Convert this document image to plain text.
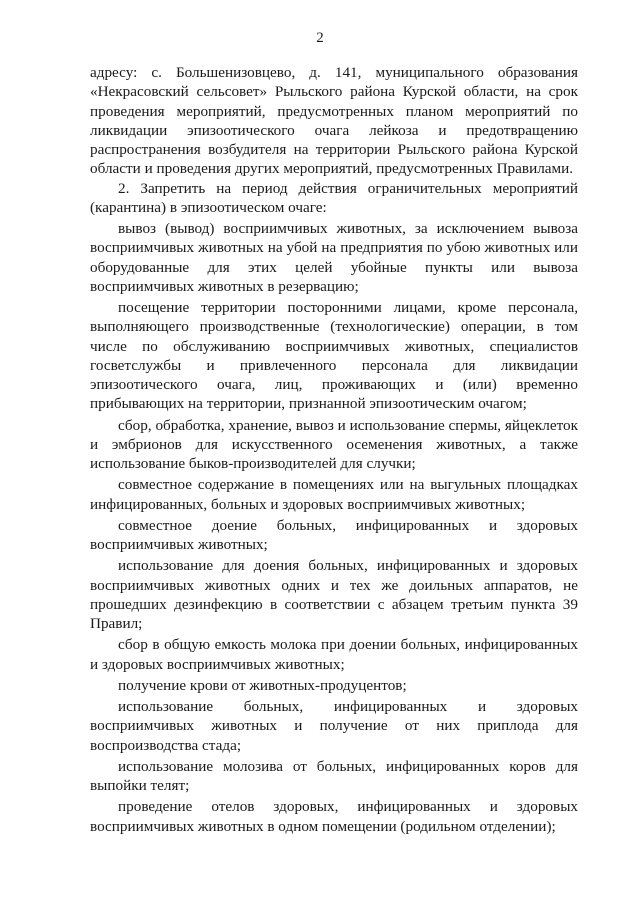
2

адресу: с. Большенизовцево, д. 141, муниципального образования «Некрасовский сельсовет» Рыльского района Курской области, на срок проведения мероприятий, предусмотренных планом мероприятий по ликвидации эпизоотического очага лейкоза и предотвращению распространения возбудителя на территории Рыльского района Курской области и проведения других мероприятий, предусмотренных Правилами.

2. Запретить на период действия ограничительных мероприятий (карантина) в эпизоотическом очаге:

вывоз (вывод) восприимчивых животных, за исключением вывоза восприимчивых животных на убой на предприятия по убою животных или оборудованные для этих целей убойные пункты или вывоза восприимчивых животных в резервацию;

посещение территории посторонними лицами, кроме персонала, выполняющего производственные (технологические) операции, в том числе по обслуживанию восприимчивых животных, специалистов госветслужбы и привлеченного персонала для ликвидации эпизоотического очага, лиц, проживающих и (или) временно прибывающих на территории, признанной эпизоотическим очагом;

сбор, обработка, хранение, вывоз и использование спермы, яйцеклеток и эмбрионов для искусственного осеменения животных, а также использование быков-производителей для случки;

совместное содержание в помещениях или на выгульных площадках инфицированных, больных и здоровых восприимчивых животных;

совместное доение больных, инфицированных и здоровых восприимчивых животных;

использование для доения больных, инфицированных и здоровых восприимчивых животных одних и тех же доильных аппаратов, не прошедших дезинфекцию в соответствии с абзацем третьим пункта 39 Правил;

сбор в общую емкость молока при доении больных, инфицированных и здоровых восприимчивых животных;

получение крови от животных-продуцентов;

использование больных, инфицированных и здоровых восприимчивых животных и получение от них приплода для воспроизводства стада;

использование молозива от больных, инфицированных коров для выпойки телят;

проведение отелов здоровых, инфицированных и здоровых восприимчивых животных в одном помещении (родильном отделении);
